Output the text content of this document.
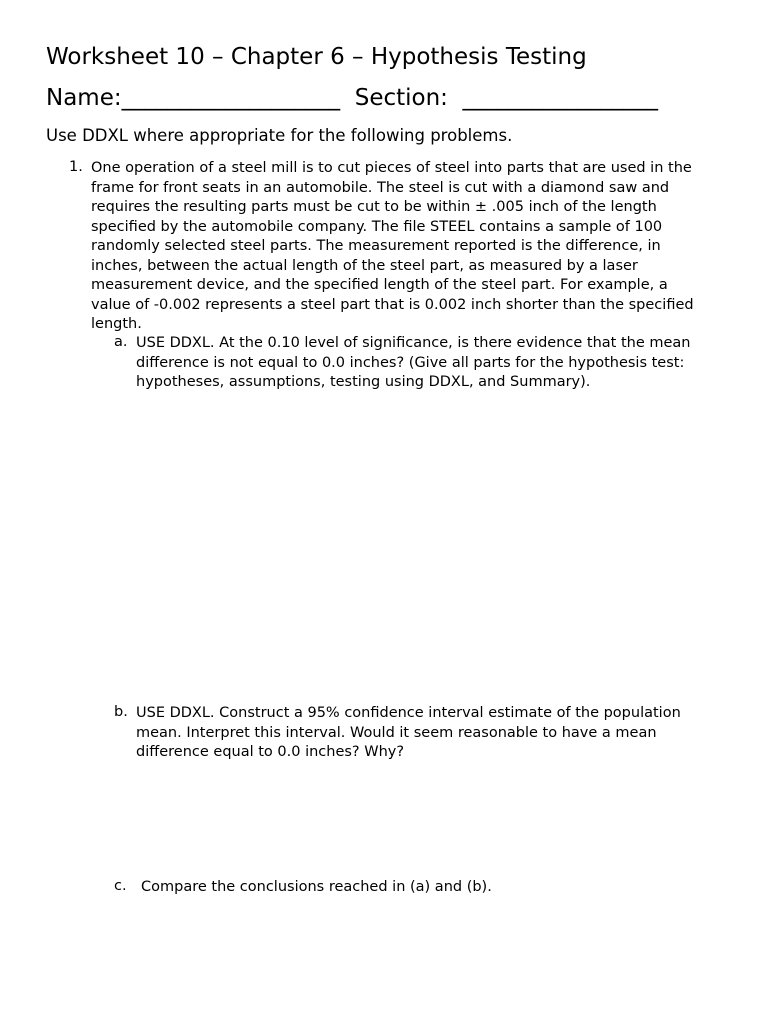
Worksheet 10 – Chapter 6 – Hypothesis Testing
Name:___________________  Section:  _________________
Use DDXL where appropriate for the following problems.
1. One operation of a steel mill is to cut pieces of steel into parts that are used in the
frame for front seats in an automobile. The steel is cut with a diamond saw and
requires the resulting parts must be cut to be within ± .005 inch of the length
specified by the automobile company. The file STEEL contains a sample of 100
randomly selected steel parts. The measurement reported is the difference, in
inches, between the actual length of the steel part, as measured by a laser
measurement device, and the specified length of the steel part. For example, a
value of -0.002 represents a steel part that is 0.002 inch shorter than the specified
length.
a. USE DDXL. At the 0.10 level of significance, is there evidence that the mean
difference is not equal to 0.0 inches? (Give all parts for the hypothesis test:
hypotheses, assumptions, testing using DDXL, and Summary).
b. USE DDXL. Construct a 95% confidence interval estimate of the population
mean. Interpret this interval. Would it seem reasonable to have a mean
difference equal to 0.0 inches? Why?
c. Compare the conclusions reached in (a) and (b).
